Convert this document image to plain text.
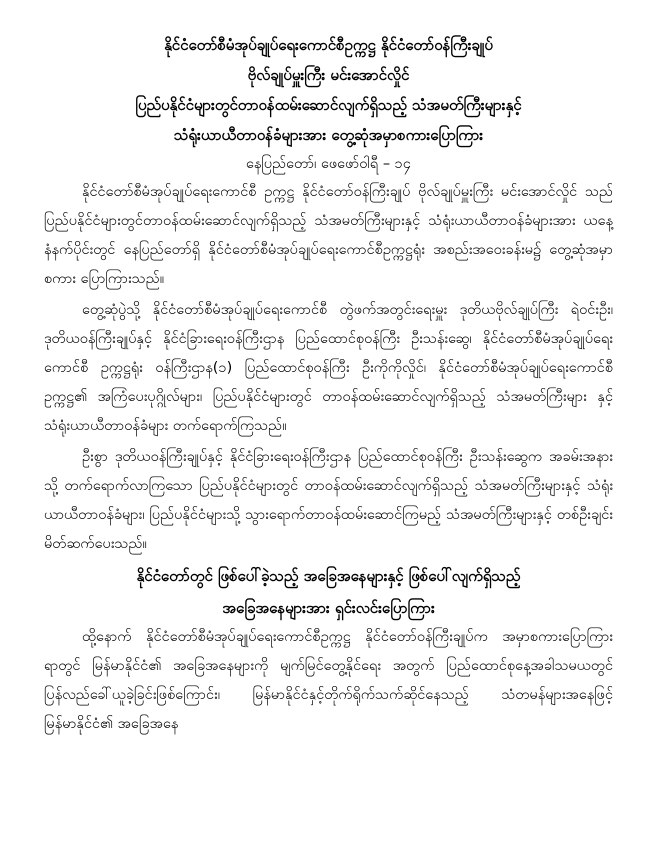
နိုင်ငံတော်စီမံအုပ်ချုပ်ရေးကောင်စီဥက္ကဋ္ဌ နိုင်ငံတော်ဝန်ကြီးချုပ်

ဗိုလ်ချုပ်မှူးကြီး မင်းအောင်လှိုင်

ပြည်ပနိုင်ငံများတွင်တာဝန်ထမ်းဆောင်လျက်ရှိသည့် သံအမတ်ကြီးများနှင့်

သံရုံးယာယီတာဝန်ခံများအား တွေ့ဆုံအမှာစကားပြောကြား

နေပြည်တော်၊ ဖေဖော်ဝါရီ – ၁၄

နိုင်ငံတော်စီမံအုပ်ချုပ်ရေးကောင်စီ ဥက္ကဋ္ဌ နိုင်ငံတော်ဝန်ကြီးချုပ် ဗိုလ်ချုပ်မှူးကြီး မင်းအောင်လှိုင် သည် ပြည်ပနိုင်ငံများတွင်တာဝန်ထမ်းဆောင်လျက်ရှိသည့် သံအမတ်ကြီးများနှင့် သံရုံးယာယီတာဝန်ခံများအား ယနေ့နံနက်ပိုင်းတွင် နေပြည်တော်ရှိ နိုင်ငံတော်စီမံအုပ်ချုပ်ရေးကောင်စီဥက္ကဋ္ဌရုံး အစည်းအဝေးခန်းမ၌ တွေ့ဆုံအမှာစကား ပြောကြားသည်။

တွေ့ဆုံပွဲသို့ နိုင်ငံတော်စီမံအုပ်ချုပ်ရေးကောင်စီ တွဲဖက်အတွင်းရေးမှူး ဒုတိယဗိုလ်ချုပ်ကြီး ရဲဝင်းဦး၊ ဒုတိယဝန်ကြီးချုပ်နှင့် နိုင်ငံခြားရေးဝန်ကြီးဌာန ပြည်ထောင်စုဝန်ကြီး ဦးသန်းဆွေ၊ နိုင်ငံတော်စီမံအုပ်ချုပ်ရေးကောင်စီ ဥက္ကဋ္ဌရုံး ဝန်ကြီးဌာန(၁) ပြည်ထောင်စုဝန်ကြီး ဦးကိုကိုလှိုင်၊ နိုင်ငံတော်စီမံအုပ်ချုပ်ရေးကောင်စီဥက္ကဋ္ဌ၏ အကြံပေးပုဂ္ဂိုလ်များ၊ ပြည်ပနိုင်ငံများတွင် တာဝန်ထမ်းဆောင်လျက်ရှိသည့် သံအမတ်ကြီးများ နှင့် သံရုံးယာယီတာဝန်ခံများ တက်ရောက်ကြသည်။

ဦးစွာ ဒုတိယဝန်ကြီးချုပ်နှင့် နိုင်ငံခြားရေးဝန်ကြီးဌာန ပြည်ထောင်စုဝန်ကြီး ဦးသန်းဆွေက အခမ်းအနားသို့ တက်ရောက်လာကြသော ပြည်ပနိုင်ငံများတွင် တာဝန်ထမ်းဆောင်လျက်ရှိသည့် သံအမတ်ကြီးများနှင့် သံရုံးယာယီတာဝန်ခံများ၊ ပြည်ပနိုင်ငံများသို့ သွားရောက်တာဝန်ထမ်းဆောင်ကြမည့် သံအမတ်ကြီးများနှင့် တစ်ဦးချင်း မိတ်ဆက်ပေးသည်။

နိုင်ငံတော်တွင် ဖြစ်ပေါ်ခဲ့သည့် အခြေအနေများနှင့် ဖြစ်ပေါ်လျက်ရှိသည့်

အခြေအနေများအား ရှင်းလင်းပြောကြား

ထို့နောက် နိုင်ငံတော်စီမံအုပ်ချုပ်ရေးကောင်စီဥက္ကဋ္ဌ နိုင်ငံတော်ဝန်ကြီးချုပ်က အမှာစကားပြောကြားရာတွင် မြန်မာနိုင်ငံ၏ အခြေအနေများကို မျက်မြင်တွေ့နိုင်ရေး အတွက် ပြည်ထောင်စုနေ့အခါသမယတွင် ပြန်လည်ခေါ်ယူခဲ့ခြင်းဖြစ်ကြောင်း၊ မြန်မာနိုင်ငံနှင့်တိုက်ရိုက်သက်ဆိုင်နေသည့် သံတမန်များအနေဖြင့် မြန်မာနိုင်ငံ၏ အခြေအနေ
